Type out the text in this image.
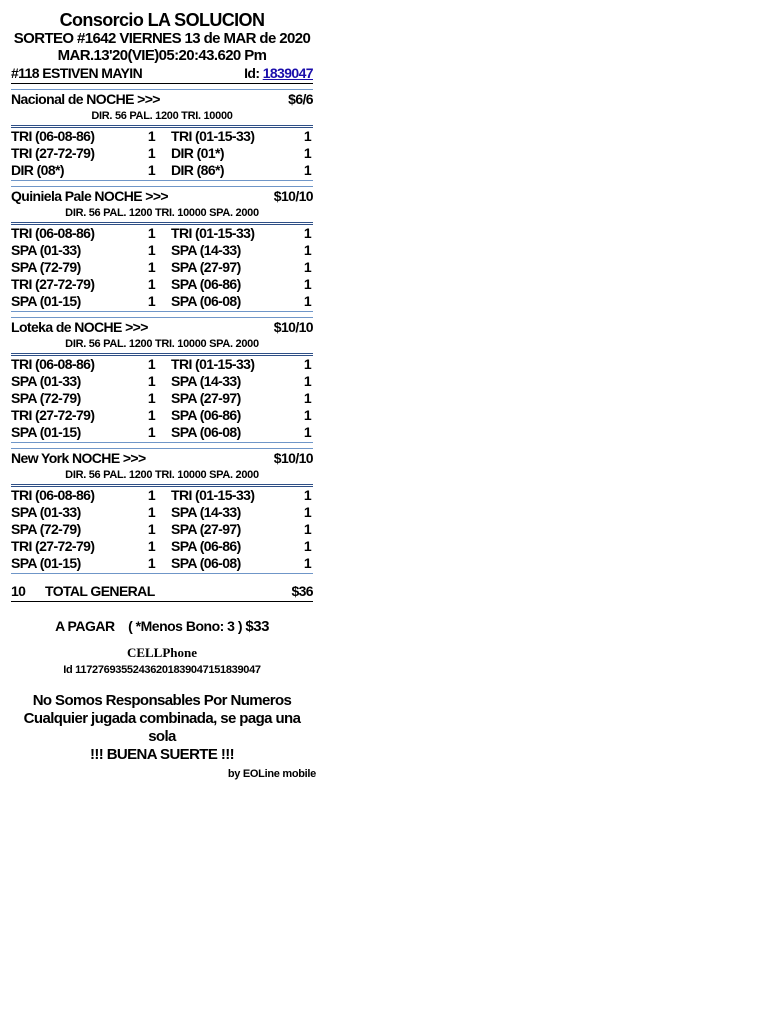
Consorcio LA SOLUCION
SORTEO #1642 VIERNES 13 de MAR de 2020
MAR.13'20(VIE)05:20:43.620 Pm
#118 ESTIVEN MAYIN	Id: 1839047
Nacional de NOCHE >>>	$6/6
DIR. 56 PAL. 1200 TRI. 10000
TRI (06-08-86)	1	TRI (01-15-33)	1
TRI (27-72-79)	1	DIR (01*)	1
DIR (08*)	1	DIR (86*)	1
Quiniela Pale NOCHE >>>	$10/10
DIR. 56 PAL. 1200 TRI. 10000 SPA. 2000
TRI (06-08-86)	1	TRI (01-15-33)	1
SPA (01-33)	1	SPA (14-33)	1
SPA (72-79)	1	SPA (27-97)	1
TRI (27-72-79)	1	SPA (06-86)	1
SPA (01-15)	1	SPA (06-08)	1
Loteka de NOCHE >>>	$10/10
DIR. 56 PAL. 1200 TRI. 10000 SPA. 2000
TRI (06-08-86)	1	TRI (01-15-33)	1
SPA (01-33)	1	SPA (14-33)	1
SPA (72-79)	1	SPA (27-97)	1
TRI (27-72-79)	1	SPA (06-86)	1
SPA (01-15)	1	SPA (06-08)	1
New York NOCHE >>>	$10/10
DIR. 56 PAL. 1200 TRI. 10000 SPA. 2000
TRI (06-08-86)	1	TRI (01-15-33)	1
SPA (01-33)	1	SPA (14-33)	1
SPA (72-79)	1	SPA (27-97)	1
TRI (27-72-79)	1	SPA (06-86)	1
SPA (01-15)	1	SPA (06-08)	1
10	TOTAL GENERAL	$36
A PAGAR ( *Menos Bono: 3 ) $33
CELLPhone
Id 11727693552436201839047151839047
No Somos Responsables Por Numeros
Cualquier jugada combinada, se paga una sola
!!! BUENA SUERTE !!!
by EOLine mobile
